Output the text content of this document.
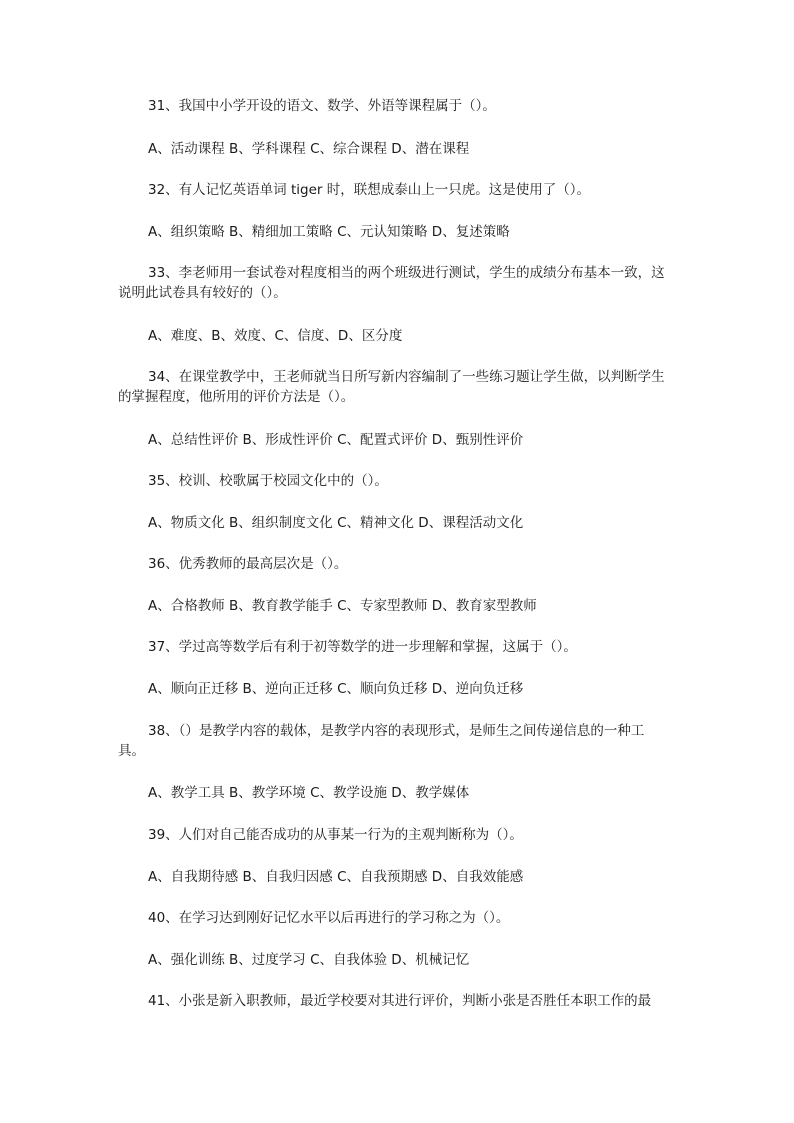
31、我国中小学开设的语文、数学、外语等课程属于（）。

A、活动课程 B、学科课程 C、综合课程 D、潜在课程

32、有人记忆英语单词 tiger 时，联想成泰山上一只虎。这是使用了（）。

A、组织策略 B、精细加工策略 C、元认知策略 D、复述策略

33、李老师用一套试卷对程度相当的两个班级进行测试，学生的成绩分布基本一致，这说明此试卷具有较好的（）。

A、难度、B、效度、C、信度、D、区分度

34、在课堂教学中，王老师就当日所写新内容编制了一些练习题让学生做，以判断学生的掌握程度，他所用的评价方法是（）。

A、总结性评价 B、形成性评价 C、配置式评价 D、甄别性评价

35、校训、校歌属于校园文化中的（）。

A、物质文化 B、组织制度文化 C、精神文化 D、课程活动文化

36、优秀教师的最高层次是（）。

A、合格教师 B、教育教学能手 C、专家型教师 D、教育家型教师

37、学过高等数学后有利于初等数学的进一步理解和掌握，这属于（）。

A、顺向正迁移 B、逆向正迁移 C、顺向负迁移 D、逆向负迁移

38、（）是教学内容的载体，是教学内容的表现形式，是师生之间传递信息的一种工具。

A、教学工具 B、教学环境 C、教学设施 D、教学媒体

39、人们对自己能否成功的从事某一行为的主观判断称为（）。

A、自我期待感 B、自我归因感 C、自我预期感 D、自我效能感

40、在学习达到刚好记忆水平以后再进行的学习称之为（）。

A、强化训练 B、过度学习 C、自我体验 D、机械记忆

41、小张是新入职教师，最近学校要对其进行评价，判断小张是否胜任本职工作的最
